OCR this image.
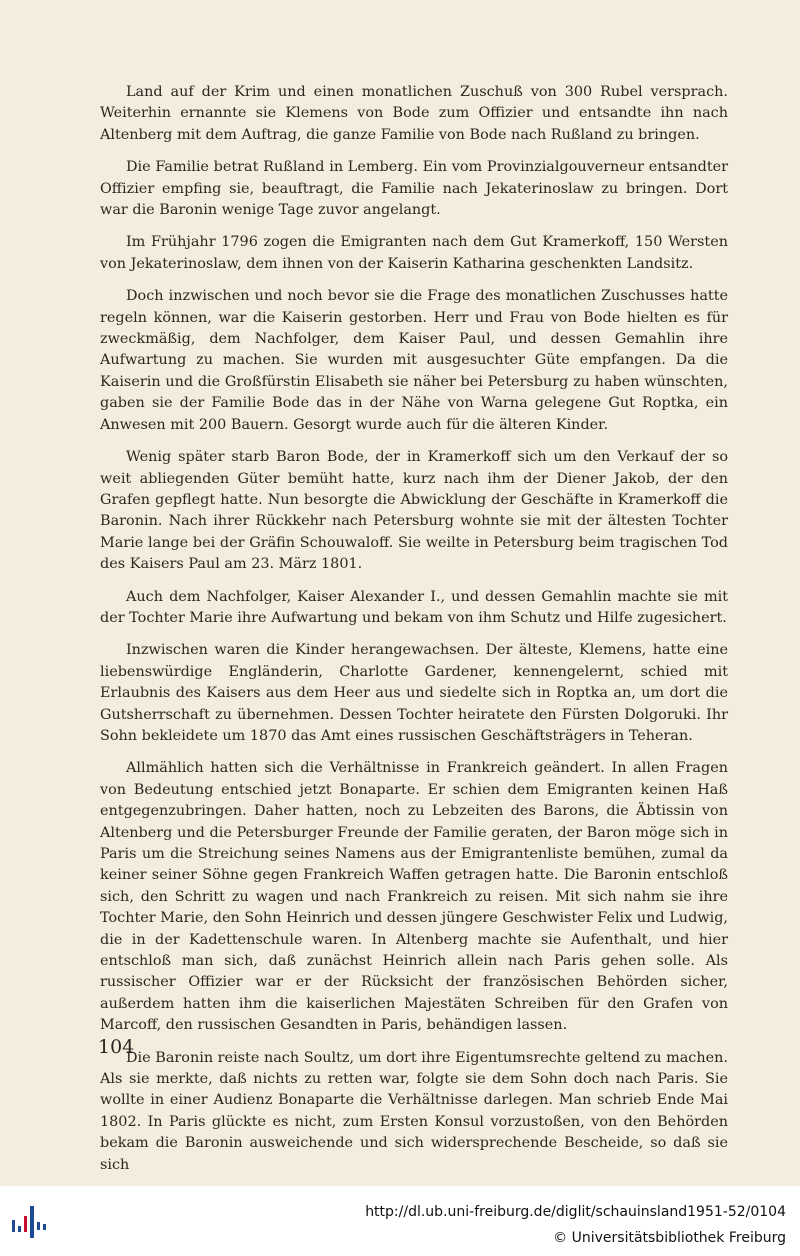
Land auf der Krim und einen monatlichen Zuschuß von 300 Rubel versprach. Weiterhin ernannte sie Klemens von Bode zum Offizier und entsandte ihn nach Altenberg mit dem Auftrag, die ganze Familie von Bode nach Rußland zu bringen.

Die Familie betrat Rußland in Lemberg. Ein vom Provinzialgouverneur entsandter Offizier empfing sie, beauftragt, die Familie nach Jekaterinoslaw zu bringen. Dort war die Baronin wenige Tage zuvor angelangt.

Im Frühjahr 1796 zogen die Emigranten nach dem Gut Kramerkoff, 150 Wersten von Jekaterinoslaw, dem ihnen von der Kaiserin Katharina geschenkten Landsitz.

Doch inzwischen und noch bevor sie die Frage des monatlichen Zuschusses hatte regeln können, war die Kaiserin gestorben. Herr und Frau von Bode hielten es für zweckmäßig, dem Nachfolger, dem Kaiser Paul, und dessen Gemahlin ihre Aufwartung zu machen. Sie wurden mit ausgesuchter Güte empfangen. Da die Kaiserin und die Großfürstin Elisabeth sie näher bei Petersburg zu haben wünschten, gaben sie der Familie Bode das in der Nähe von Warna gelegene Gut Roptka, ein Anwesen mit 200 Bauern. Gesorgt wurde auch für die älteren Kinder.

Wenig später starb Baron Bode, der in Kramerkoff sich um den Verkauf der so weit abliegenden Güter bemüht hatte, kurz nach ihm der Diener Jakob, der den Grafen gepflegt hatte. Nun besorgte die Abwicklung der Geschäfte in Kramerkoff die Baronin. Nach ihrer Rückkehr nach Petersburg wohnte sie mit der ältesten Tochter Marie lange bei der Gräfin Schouwaloff. Sie weilte in Petersburg beim tragischen Tod des Kaisers Paul am 23. März 1801.

Auch dem Nachfolger, Kaiser Alexander I., und dessen Gemahlin machte sie mit der Tochter Marie ihre Aufwartung und bekam von ihm Schutz und Hilfe zugesichert.

Inzwischen waren die Kinder herangewachsen. Der älteste, Klemens, hatte eine liebenswürdige Engländerin, Charlotte Gardener, kennengelernt, schied mit Erlaubnis des Kaisers aus dem Heer aus und siedelte sich in Roptka an, um dort die Gutsherrschaft zu übernehmen. Dessen Tochter heiratete den Fürsten Dolgoruki. Ihr Sohn bekleidete um 1870 das Amt eines russischen Geschäftsträgers in Teheran.

Allmählich hatten sich die Verhältnisse in Frankreich geändert. In allen Fragen von Bedeutung entschied jetzt Bonaparte. Er schien dem Emigranten keinen Haß entgegenzubringen. Daher hatten, noch zu Lebzeiten des Barons, die Äbtissin von Altenberg und die Petersburger Freunde der Familie geraten, der Baron möge sich in Paris um die Streichung seines Namens aus der Emigrantenliste bemühen, zumal da keiner seiner Söhne gegen Frankreich Waffen getragen hatte. Die Baronin entschloß sich, den Schritt zu wagen und nach Frankreich zu reisen. Mit sich nahm sie ihre Tochter Marie, den Sohn Heinrich und dessen jüngere Geschwister Felix und Ludwig, die in der Kadettenschule waren. In Altenberg machte sie Aufenthalt, und hier entschloß man sich, daß zunächst Heinrich allein nach Paris gehen solle. Als russischer Offizier war er der Rücksicht der französischen Behörden sicher, außerdem hatten ihm die kaiserlichen Majestäten Schreiben für den Grafen von Marcoff, den russischen Gesandten in Paris, behändigen lassen.

Die Baronin reiste nach Soultz, um dort ihre Eigentumsrechte geltend zu machen. Als sie merkte, daß nichts zu retten war, folgte sie dem Sohn doch nach Paris. Sie wollte in einer Audienz Bonaparte die Verhältnisse darlegen. Man schrieb Ende Mai 1802. In Paris glückte es nicht, zum Ersten Konsul vorzustoßen, von den Behörden bekam die Baronin ausweichende und sich widersprechende Bescheide, so daß sie sich

104
http://dl.ub.uni-freiburg.de/diglit/schauinsland1951-52/0104
© Universitätsbibliothek Freiburg
